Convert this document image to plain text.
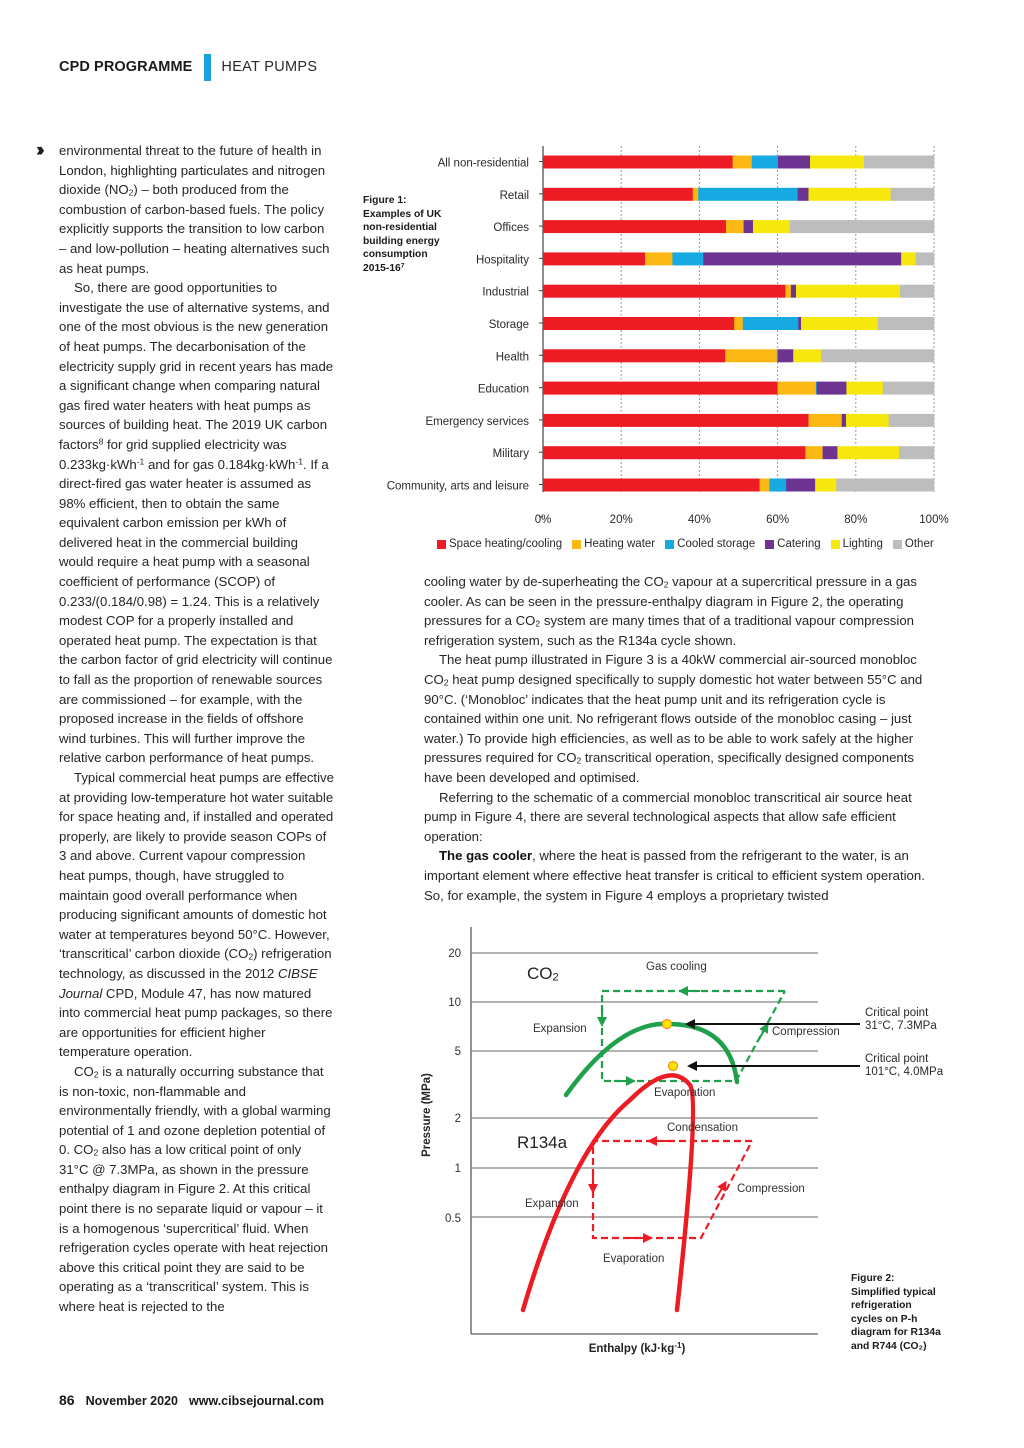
CPD PROGRAMME HEAT PUMPS
›› environmental threat to the future of health in London, highlighting particulates and nitrogen dioxide $(NO_2)$ – both produced from the combustion of carbon-based fuels. The policy explicitly supports the transition to low carbon – and low-pollution – heating alternatives such as heat pumps.

So, there are good opportunities to investigate the use of alternative systems, and one of the most obvious is the new generation of heat pumps. The decarbonisation of the electricity supply grid in recent years has made a significant change when comparing natural gas fired water heaters with heat pumps as sources of building heat. The 2019 UK carbon factors$^8$ for grid supplied electricity was 0.233kg·kWh$^{-1}$ and for gas 0.184kg·kWh$^{-1}$. If a direct-fired gas water heater is assumed as 98% efficient, then to obtain the same equivalent carbon emission per kWh of delivered heat in the commercial building would require a heat pump with a seasonal coefficient of performance (SCOP) of 0.233/(0.184/0.98) = 1.24. This is a relatively modest COP for a properly installed and operated heat pump. The expectation is that the carbon factor of grid electricity will continue to fall as the proportion of renewable sources are commissioned – for example, with the proposed increase in the fields of offshore wind turbines. This will further improve the relative carbon performance of heat pumps.

Typical commercial heat pumps are effective at providing low-temperature hot water suitable for space heating and, if installed and operated properly, are likely to provide season COPs of 3 and above. Current vapour compression heat pumps, though, have struggled to maintain good overall performance when producing significant amounts of domestic hot water at temperatures beyond 50°C. However, ‘transcritical’ carbon dioxide $(CO_2)$ refrigeration technology, as discussed in the 2012 CIBSE Journal CPD, Module 47, has now matured into commercial heat pump packages, so there are opportunities for efficient higher temperature operation.

$CO_2$ is a naturally occurring substance that is non-toxic, non-flammable and environmentally friendly, with a global warming potential of 1 and ozone depletion potential of 0. $CO_2$ also has a low critical point of only 31°C @ 7.3MPa, as shown in the pressure enthalpy diagram in Figure 2. At this critical point there is no separate liquid or vapour – it is a homogenous ‘supercritical’ fluid. When refrigeration cycles operate with heat rejection above this critical point they are said to be operating as a ‘transcritical’ system. This is where heat is rejected to the

Figure 1:
Examples of UK
non-residential
building energy
consumption
$2015-16^7$
All non-residential
Retail
Offices
Hospitality
Industrial
Storage
Health
Education
Emergency services
Military
Community, arts and leisure
0%	20%	40%	60%	80%	100%
Space heating/cooling Heating water Cooled storage Catering Lighting Other

cooling water by de-superheating the $CO_2$ vapour at a supercritical pressure in a gas cooler. As can be seen in the pressure-enthalpy diagram in Figure 2, the operating pressures for a $CO_2$ system are many times that of a traditional vapour compression refrigeration system, such as the R134a cycle shown.

The heat pump illustrated in Figure 3 is a 40kW commercial air-sourced monobloc $CO_2$ heat pump designed specifically to supply domestic hot water between 55°C and 90°C. (‘Monobloc’ indicates that the heat pump unit and its refrigeration cycle is contained within one unit. No refrigerant flows outside of the monobloc casing – just water.) To provide high efficiencies, as well as to be able to work safely at the higher pressures required for $CO_2$ transcritical operation, specifically designed components have been developed and optimised.

Referring to the schematic of a commercial monobloc transcritical air source heat pump in Figure 4, there are several technological aspects that allow safe efficient operation:

The gas cooler, where the heat is passed from the refrigerant to the water, is an important element where effective heat transfer is critical to efficient system operation. So, for example, the system in Figure 4 employs a proprietary twisted

20
10
5
2
1
0.5
Pressure (MPa)
Enthalpy $(kJ\cdot kg^{-1})$
$CO_2$
R134a
Gas cooling
Expansion
Evaporation
Compression
Condensation
Expansion
Evaporation
Compression
Critical point
31°C, 7.3MPa
Critical point
101°C, 4.0MPa
Figure 2:
Simplified typical
refrigeration
cycles on P-h
diagram for R134a
and R744 (CO₂)
86 November 2020 www.cibsejournal.com
